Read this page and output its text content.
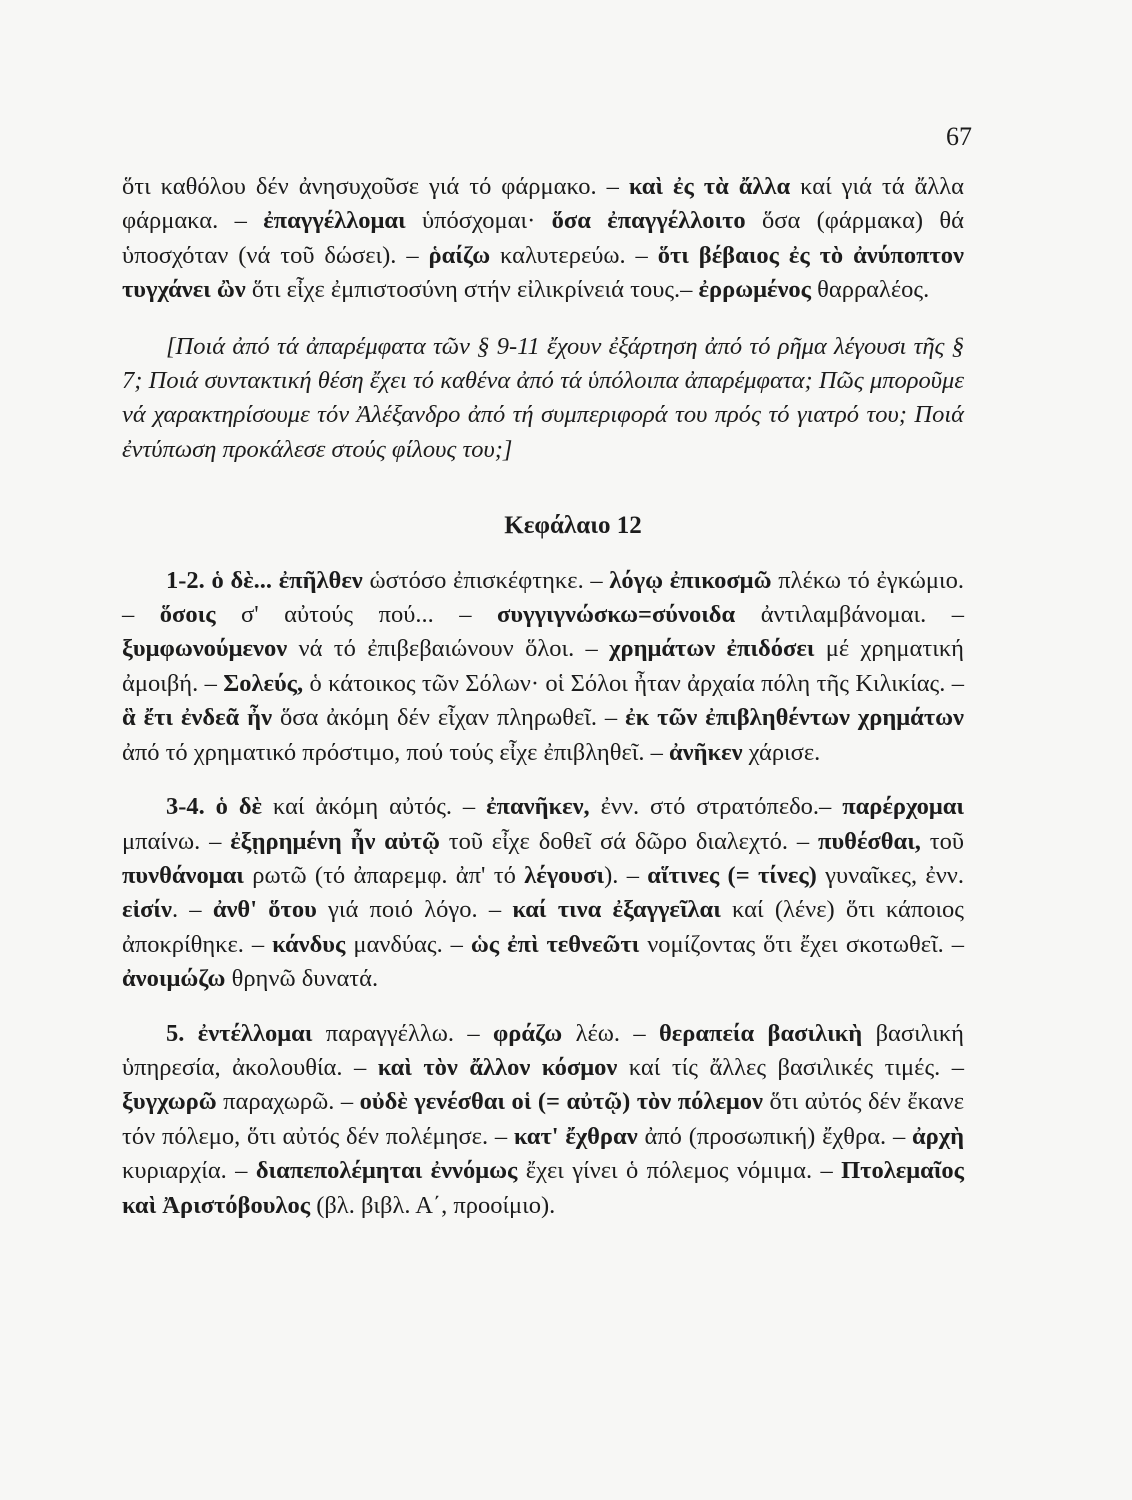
67

ὅτι καθόλου δέν ἀνησυχοῦσε γιά τό φάρμακο. – καὶ ἐς τὰ ἄλλα καί γιά τά ἄλλα φάρμακα. – ἐπαγγέλλομαι ὑπόσχομαι· ὅσα ἐπαγγέλλοιτο ὅσα (φάρμακα) θά ὑποσχόταν (νά τοῦ δώσει). – ῥαίζω καλυτερεύω. – ὅτι βέβαιος ἐς τὸ ἀνύποπτον τυγχάνει ὢν ὅτι εἶχε ἐμπιστοσύνη στήν εἰλικρίνειά τους.– ἐρρωμένος θαρραλέος.

[Ποιά ἀπό τά ἀπαρέμφατα τῶν § 9-11 ἔχουν ἐξάρτηση ἀπό τό ρῆμα λέγουσι τῆς § 7; Ποιά συντακτική θέση ἔχει τό καθένα ἀπό τά ὑπόλοιπα ἀπαρέμφατα; Πῶς μποροῦμε νά χαρακτηρίσουμε τόν Ἀλέξανδρο ἀπό τή συμπεριφορά του πρός τό γιατρό του; Ποιά ἐντύπωση προκάλεσε στούς φίλους του;]

Κεφάλαιο 12

1-2. ὁ δὲ... ἐπῆλθεν ὡστόσο ἐπισκέφτηκε. – λόγῳ ἐπικοσμῶ πλέκω τό ἐγκώμιο. – ὅσοις σ' αὐτούς πού... – συγγιγνώσκω=σύνοιδα ἀντιλαμβάνομαι. – ξυμφωνούμενον νά τό ἐπιβεβαιώνουν ὅλοι. – χρημάτων ἐπιδόσει μέ χρηματική ἀμοιβή. – Σολεύς, ὁ κάτοικος τῶν Σόλων· οἱ Σόλοι ἦταν ἀρχαία πόλη τῆς Κιλικίας. – ἃ ἔτι ἐνδεᾶ ἦν ὅσα ἀκόμη δέν εἶχαν πληρωθεῖ. – ἐκ τῶν ἐπιβληθέντων χρημάτων ἀπό τό χρηματικό πρόστιμο, πού τούς εἶχε ἐπιβληθεῖ. – ἀνῆκεν χάρισε.

3-4. ὁ δὲ καί ἀκόμη αὐτός. – ἐπανῆκεν, ἐνν. στό στρατόπεδο.– παρέρχομαι μπαίνω. – ἐξῃρημένη ἦν αὐτῷ τοῦ εἶχε δοθεῖ σά δῶρο διαλεχτό. – πυθέσθαι, τοῦ πυνθάνομαι ρωτῶ (τό ἀπαρεμφ. ἀπ' τό λέγουσι). – αἵτινες (= τίνες) γυναῖκες, ἐνν. εἰσίν. – ἀνθ' ὅτου γιά ποιό λόγο. – καί τινα ἐξαγγεῖλαι καί (λένε) ὅτι κάποιος ἀποκρίθηκε. – κάνδυς μανδύας. – ὡς ἐπὶ τεθνεῶτι νομίζοντας ὅτι ἔχει σκοτωθεῖ. – ἀνοιμώζω θρηνῶ δυνατά.

5. ἐντέλλομαι παραγγέλλω. – φράζω λέω. – θεραπεία βασιλικὴ βασιλική ὑπηρεσία, ἀκολουθία. – καὶ τὸν ἄλλον κόσμον καί τίς ἄλλες βασιλικές τιμές. – ξυγχωρῶ παραχωρῶ. – οὐδὲ γενέσθαι οἱ (= αὐτῷ) τὸν πόλεμον ὅτι αὐτός δέν ἔκανε τόν πόλεμο, ὅτι αὐτός δέν πολέμησε. – κατ' ἔχθραν ἀπό (προσωπική) ἔχθρα. – ἀρχὴ κυριαρχία. – διαπεπολέμηται ἐννόμως ἔχει γίνει ὁ πόλεμος νόμιμα. – Πτολεμαῖος καὶ Ἀριστόβουλος (βλ. βιβλ. Α΄, προοίμιο).
